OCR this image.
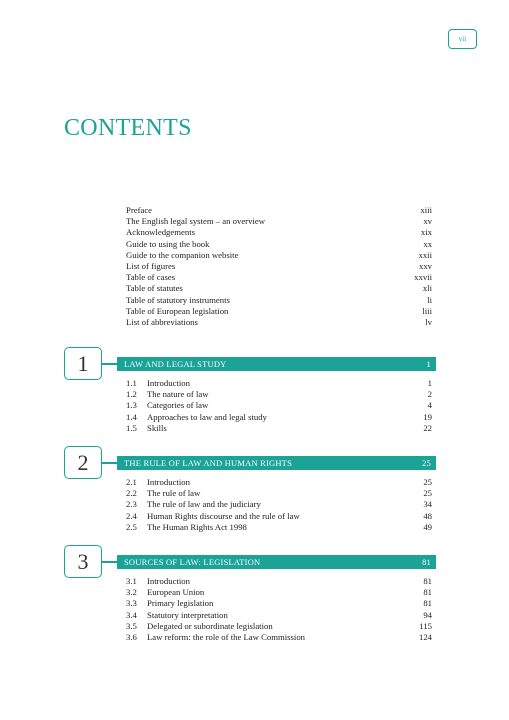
vii
CONTENTS
Preface	xiii
The English legal system – an overview	xv
Acknowledgements	xix
Guide to using the book	xx
Guide to the companion website	xxii
List of figures	xxv
Table of cases	xxvii
Table of statutes	xli
Table of statutory instruments	li
Table of European legislation	liii
List of abbreviations	lv
1	LAW AND LEGAL STUDY	1
1.1	Introduction	1
1.2	The nature of law	2
1.3	Categories of law	4
1.4	Approaches to law and legal study	19
1.5	Skills	22
2	THE RULE OF LAW AND HUMAN RIGHTS	25
2.1	Introduction	25
2.2	The rule of law	25
2.3	The rule of law and the judiciary	34
2.4	Human Rights discourse and the rule of law	48
2.5	The Human Rights Act 1998	49
3	SOURCES OF LAW: LEGISLATION	81
3.1	Introduction	81
3.2	European Union	81
3.3	Primary legislation	81
3.4	Statutory interpretation	94
3.5	Delegated or subordinate legislation	115
3.6	Law reform: the role of the Law Commission	124
